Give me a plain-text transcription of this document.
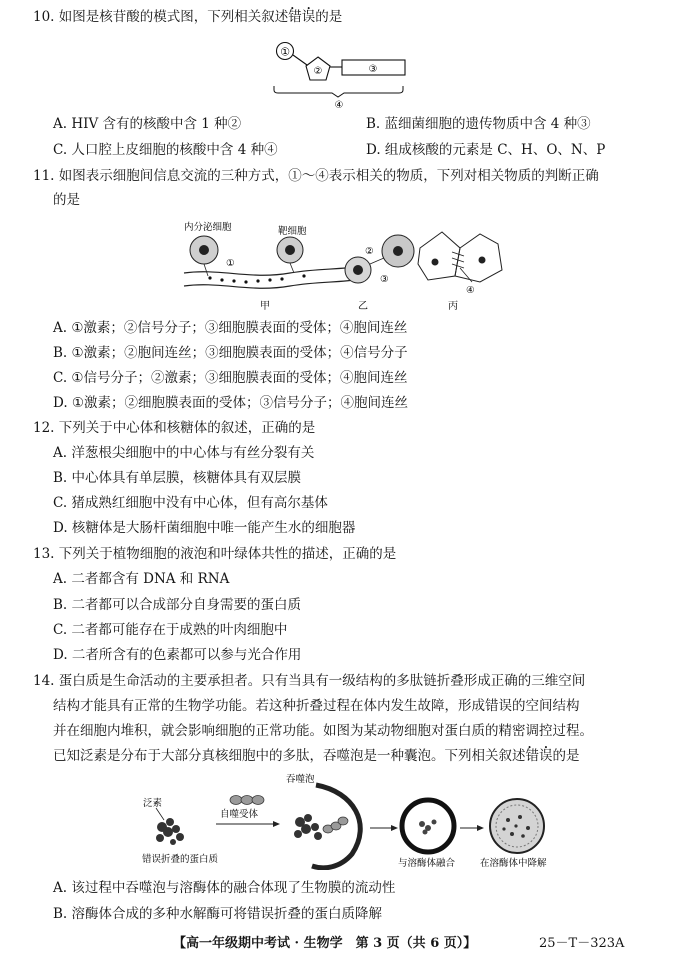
10. 如图是核苷酸的模式图，下列相关叙述错误 • •的是
①
②	③
④
A. HIV 含有的核酸中含 1 种②	B. 蓝细菌细胞的遗传物质中含 4 种③
C. 人口腔上皮细胞的核酸中含 4 种④	D. 组成核酸的元素是 C、H、O、N、P
11. 如图表示细胞间信息交流的三种方式，①～④表示相关的物质，下列对相关物质的判断正确
的是
内分泌细胞	靶细胞
①
甲
②
③
乙
④
丙
A. ①激素；②信号分子；③细胞膜表面的受体；④胞间连丝
B. ①激素；②胞间连丝；③细胞膜表面的受体；④信号分子
C. ①信号分子；②激素；③细胞膜表面的受体；④胞间连丝
D. ①激素；②细胞膜表面的受体；③信号分子；④胞间连丝
12. 下列关于中心体和核糖体的叙述，正确的是
A. 洋葱根尖细胞中的中心体与有丝分裂有关
B. 中心体具有单层膜，核糖体具有双层膜
C. 猪成熟红细胞中没有中心体，但有高尔基体
D. 核糖体是大肠杆菌细胞中唯一能产生水的细胞器
13. 下列关于植物细胞的液泡和叶绿体共性的描述，正确的是
A. 二者都含有 DNA 和 RNA
B. 二者都可以合成部分自身需要的蛋白质
C. 二者都可能存在于成熟的叶肉细胞中
D. 二者所含有的色素都可以参与光合作用
14. 蛋白质是生命活动的主要承担者。只有当具有一级结构的多肽链折叠形成正确的三维空间
结构才能具有正常的生物学功能。若这种折叠过程在体内发生故障，形成错误的空间结构
并在细胞内堆积，就会影响细胞的正常功能。如图为某动物细胞对蛋白质的精密调控过程。
已知泛素是分布于大部分真核细胞中的多肽，吞噬泡是一种囊泡。下列相关叙述错误 • •的是
泛素
错误折叠的蛋白质
自噬受体
吞噬泡
与溶酶体融合	在溶酶体中降解
A. 该过程中吞噬泡与溶酶体的融合体现了生物膜的流动性
B. 溶酶体合成的多种水解酶可将错误折叠的蛋白质降解
【高一年级期中考试 · 生物学　第 3 页（共 6 页）】	25－T－323A
